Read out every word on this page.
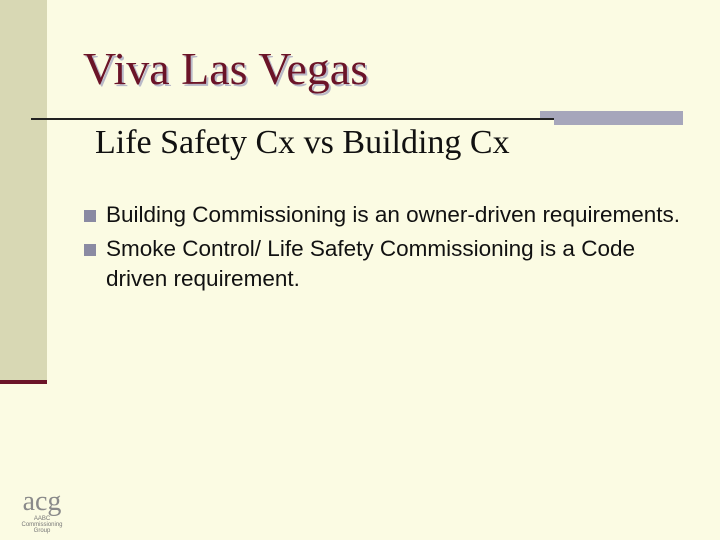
Viva Las Vegas
Life Safety Cx vs Building Cx
Building Commissioning is an owner-driven requirements.
Smoke Control/ Life Safety Commissioning is a Code driven requirement.
acg
AABC
Commissioning
Group
